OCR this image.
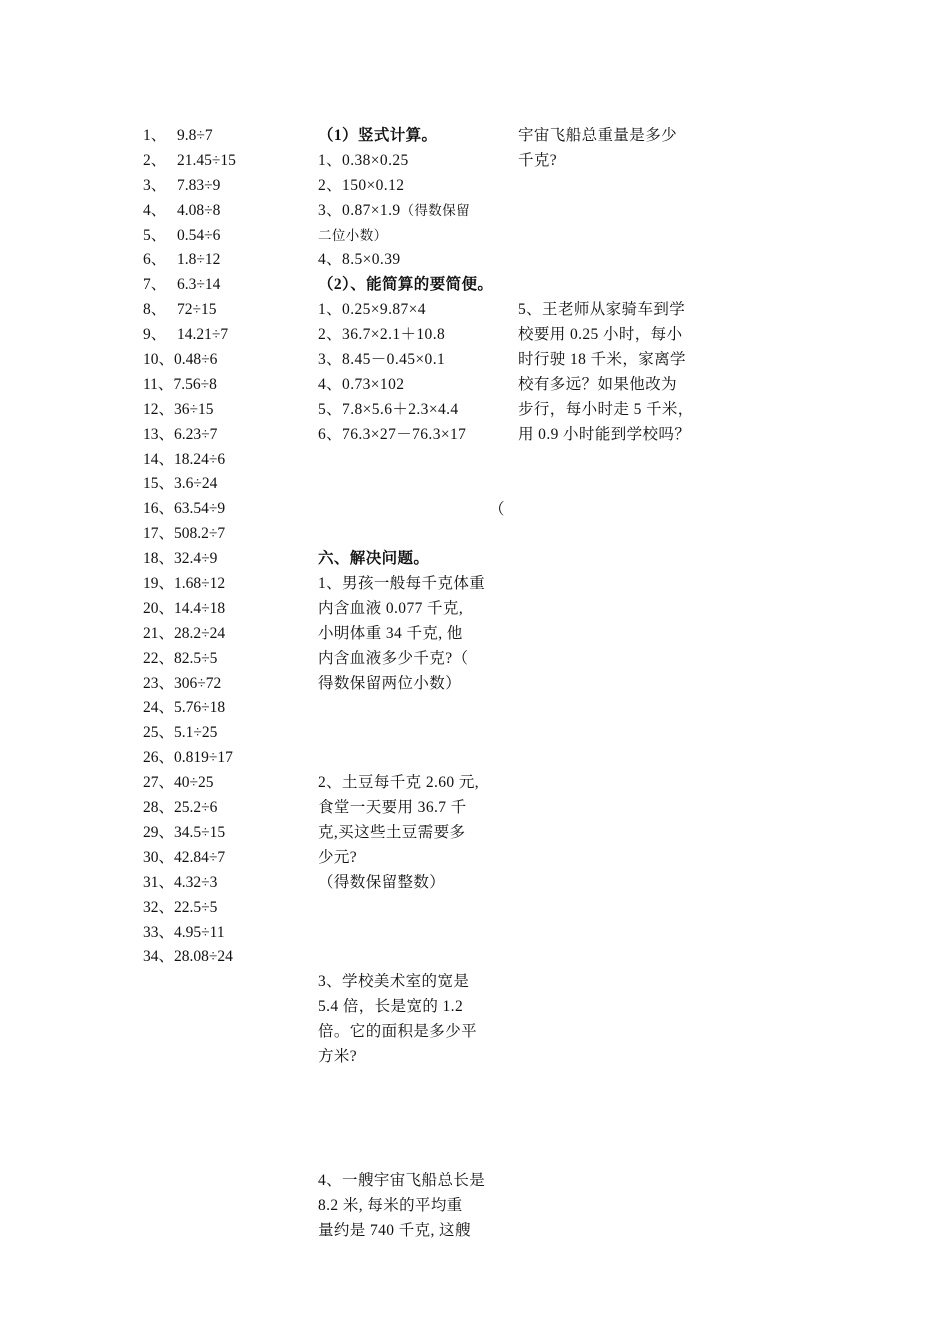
1、 9.8÷7
2、 21.45÷15
3、 7.83÷9
4、 4.08÷8
5、 0.54÷6
6、 1.8÷12
7、 6.3÷14
8、 72÷15
9、 14.21÷7
10、0.48÷6
11、7.56÷8
12、36÷15
13、6.23÷7
14、18.24÷6
15、3.6÷24
16、63.54÷9
17、508.2÷7
18、32.4÷9
19、1.68÷12
20、14.4÷18
21、28.2÷24
22、82.5÷5
23、306÷72
24、5.76÷18
25、5.1÷25
26、0.819÷17
27、40÷25
28、25.2÷6
29、34.5÷15
30、42.84÷7
31、4.32÷3
32、22.5÷5
33、4.95÷11
34、28.08÷24
（1）竖式计算。
1、0.38×0.25
2、150×0.12
3、0.87×1.9（得数保留
二位小数）
4、8.5×0.39
（2）、能简算的要简便。
1、0.25×9.87×4
2、36.7×2.1＋10.8
3、8.45－0.45×0.1
4、0.73×102
5、7.8×5.6＋2.3×4.4
6、76.3×27－76.3×17
六、解决问题。
1、男孩一般每千克体重
内含血液 0.077 千克,
小明体重 34 千克, 他
内含血液多少千克?（
得数保留两位小数）
2、土豆每千克 2.60 元,
食堂一天要用 36.7 千
克,买这些土豆需要多
少元?
（得数保留整数）
3、学校美术室的宽是
5.4 倍，长是宽的 1.2
倍。它的面积是多少平
方米?
4、一艘宇宙飞船总长是
8.2 米, 每米的平均重
量约是 740 千克, 这艘
（
宇宙飞船总重量是多少
千克?
5、王老师从家骑车到学
校要用 0.25 小时，每小
时行驶 18 千米，家离学
校有多远？如果他改为
步行，每小时走 5 千米，
用 0.9 小时能到学校吗？
